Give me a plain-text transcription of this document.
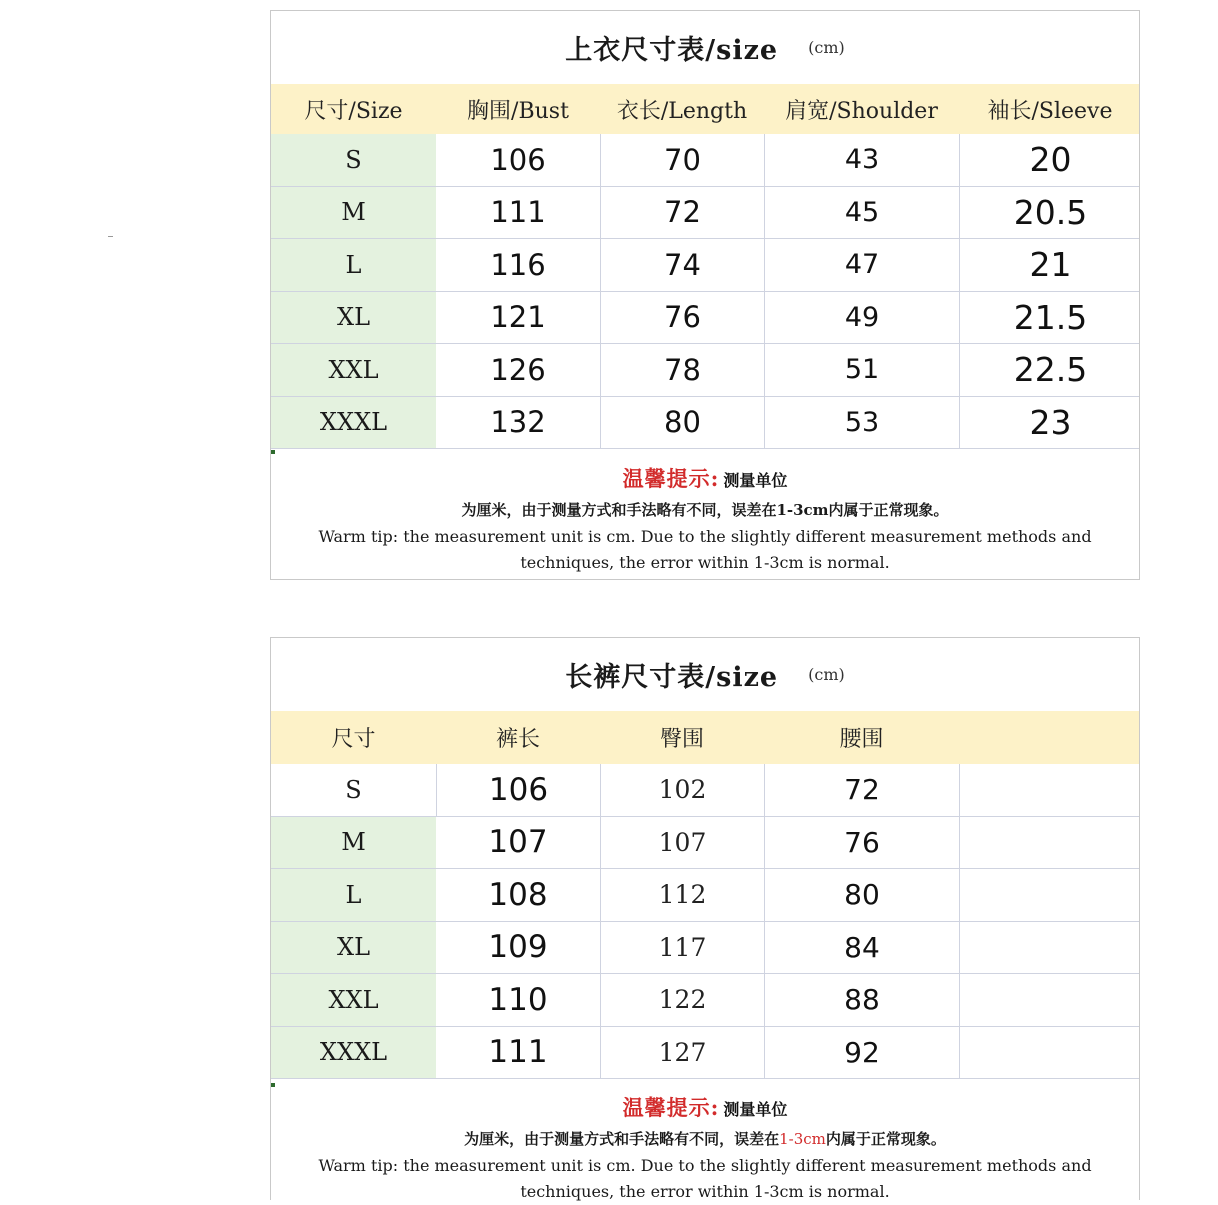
上衣尺寸表/size (cm)
尺寸/Size	胸围/Bust	衣长/Length	肩宽/Shoulder	袖长/Sleeve
S	106	70	43	20
M	111	72	45	20.5
L	116	74	47	21
XL	121	76	49	21.5
XXL	126	78	51	22.5
XXXL	132	80	53	23
温馨提示: 测量单位
为厘米，由于测量方式和手法略有不同，误差在1-3cm内属于正常现象。
Warm tip: the measurement unit is cm. Due to the slightly different measurement methods and techniques, the error within 1-3cm is normal.
长裤尺寸表/size (cm)
尺寸	裤长	臀围	腰围
S	106	102	72
M	107	107	76
L	108	112	80
XL	109	117	84
XXL	110	122	88
XXXL	111	127	92
温馨提示: 测量单位
为厘米，由于测量方式和手法略有不同，误差在1-3cm内属于正常现象。
Warm tip: the measurement unit is cm. Due to the slightly different measurement methods and techniques, the error within 1-3cm is normal.
